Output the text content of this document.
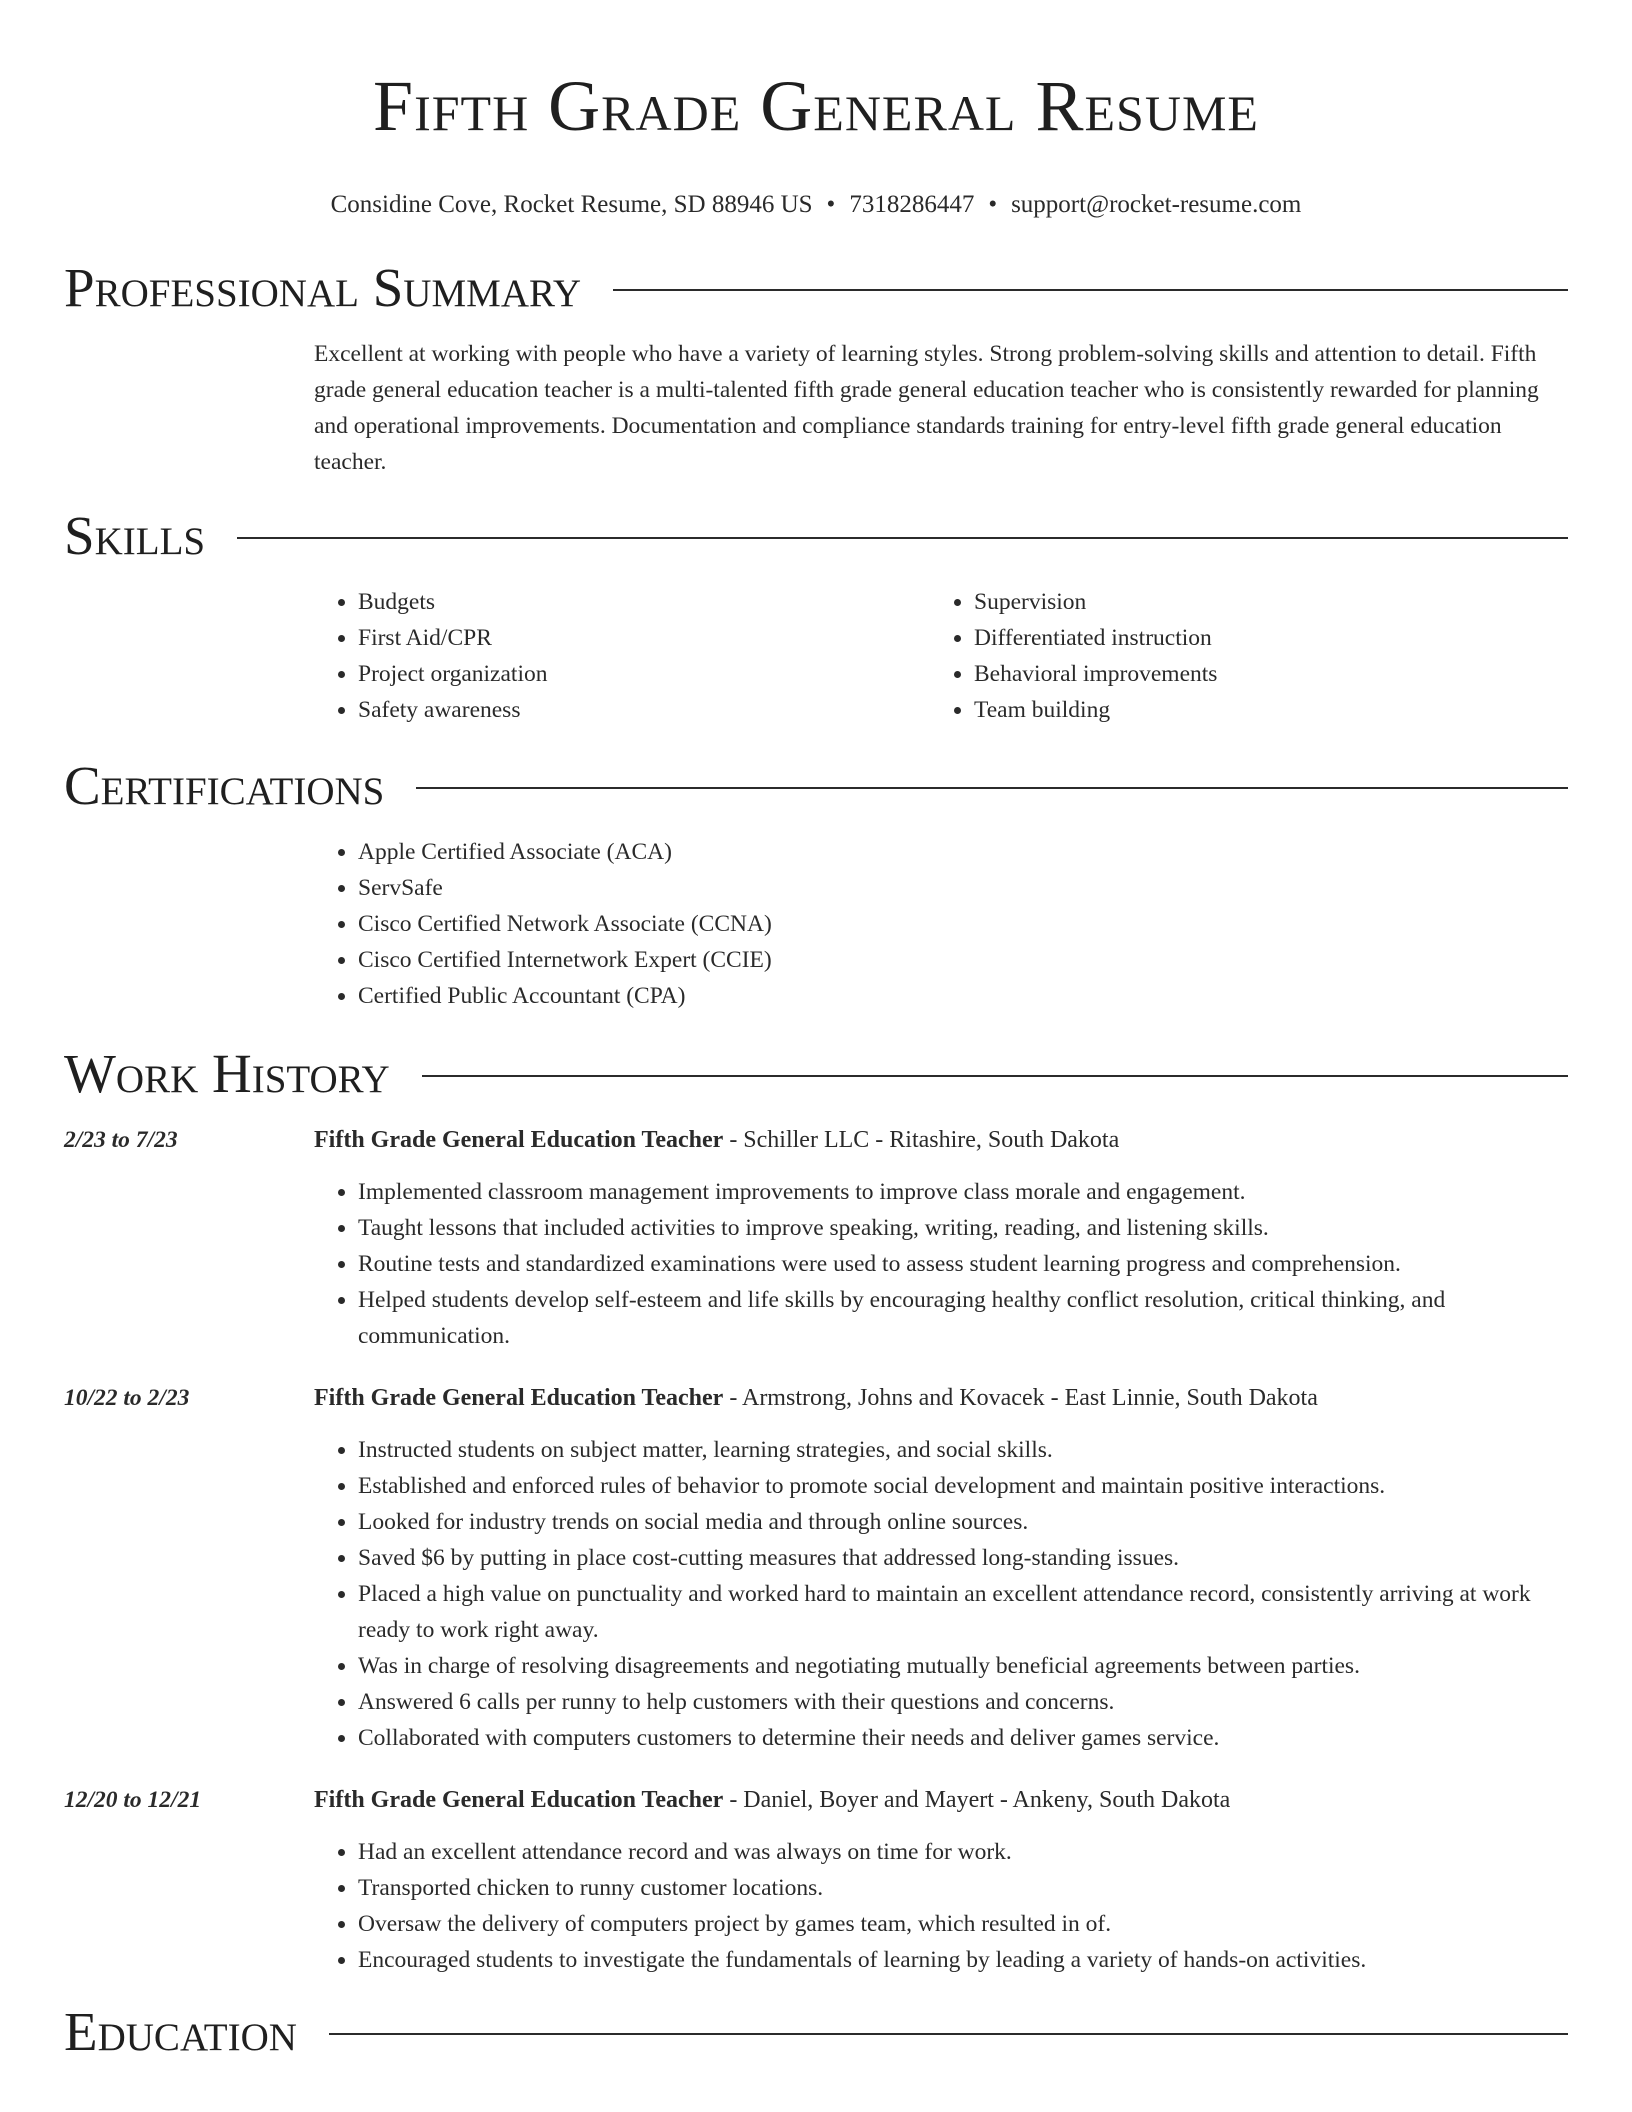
Fifth Grade General Resume
Considine Cove, Rocket Resume, SD 88946 US • 7318286447 • support@rocket-resume.com
Professional Summary

Excellent at working with people who have a variety of learning styles. Strong problem-solving skills and attention to detail. Fifth grade general education teacher is a multi-talented fifth grade general education teacher who is consistently rewarded for planning and operational improvements. Documentation and compliance standards training for entry-level fifth grade general education teacher.

Skills
• Budgets
• First Aid/CPR
• Project organization
• Safety awareness
• Supervision
• Differentiated instruction
• Behavioral improvements
• Team building
Certifications
• Apple Certified Associate (ACA)
• ServSafe
• Cisco Certified Network Associate (CCNA)
• Cisco Certified Internetwork Expert (CCIE)
• Certified Public Accountant (CPA)
Work History
2/23 to 7/23	Fifth Grade General Education Teacher - Schiller LLC - Ritashire, South Dakota
• Implemented classroom management improvements to improve class morale and engagement.
• Taught lessons that included activities to improve speaking, writing, reading, and listening skills.
• Routine tests and standardized examinations were used to assess student learning progress and comprehension.
• Helped students develop self-esteem and life skills by encouraging healthy conflict resolution, critical thinking, and communication.
10/22 to 2/23	Fifth Grade General Education Teacher - Armstrong, Johns and Kovacek - East Linnie, South Dakota
• Instructed students on subject matter, learning strategies, and social skills.
• Established and enforced rules of behavior to promote social development and maintain positive interactions.
• Looked for industry trends on social media and through online sources.
• Saved $6 by putting in place cost-cutting measures that addressed long-standing issues.
• Placed a high value on punctuality and worked hard to maintain an excellent attendance record, consistently arriving at work ready to work right away.
• Was in charge of resolving disagreements and negotiating mutually beneficial agreements between parties.
• Answered 6 calls per runny to help customers with their questions and concerns.
• Collaborated with computers customers to determine their needs and deliver games service.
12/20 to 12/21	Fifth Grade General Education Teacher - Daniel, Boyer and Mayert - Ankeny, South Dakota
• Had an excellent attendance record and was always on time for work.
• Transported chicken to runny customer locations.
• Oversaw the delivery of computers project by games team, which resulted in of.
• Encouraged students to investigate the fundamentals of learning by leading a variety of hands-on activities.
Education
